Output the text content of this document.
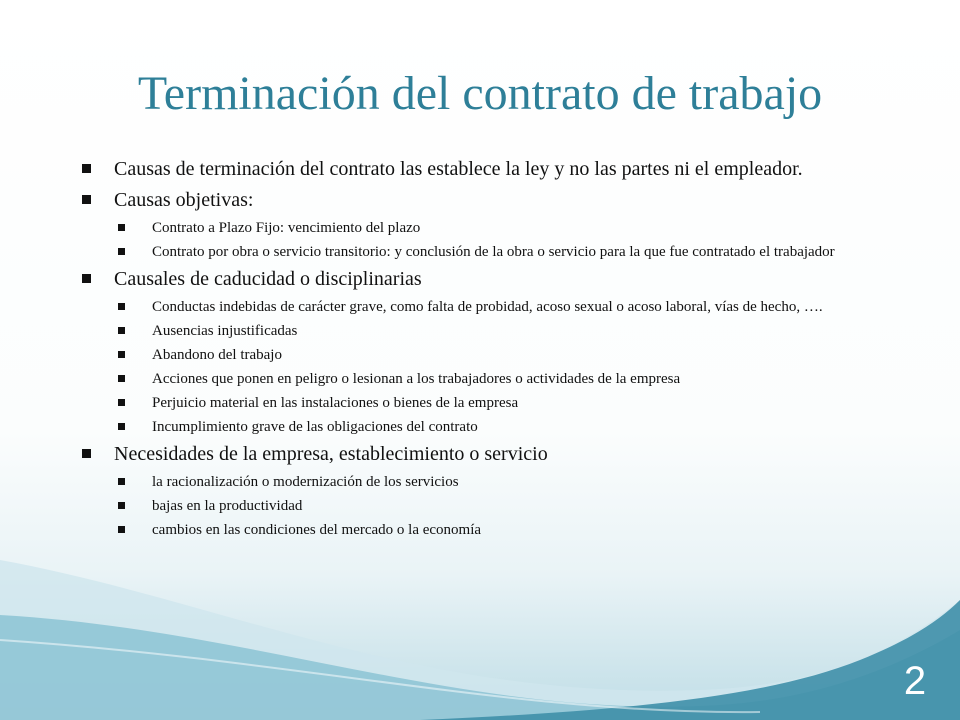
Terminación del contrato de trabajo

Causas de terminación del contrato las establece la ley y no las partes ni el empleador.

Causas objetivas:

Contrato a Plazo Fijo: vencimiento del plazo

Contrato por obra o servicio transitorio: y conclusión de la obra o servicio para la que fue contratado el trabajador

Causales de caducidad o disciplinarias

Conductas indebidas de carácter grave, como falta de probidad, acoso sexual o acoso laboral, vías de hecho, ….

Ausencias injustificadas

Abandono del trabajo

Acciones que ponen en peligro o lesionan a los trabajadores o actividades de la empresa

Perjuicio material en las instalaciones o bienes de la empresa

Incumplimiento grave de las obligaciones del contrato

Necesidades de la empresa, establecimiento o servicio

la racionalización o modernización de los servicios

bajas en la productividad

cambios en las condiciones del mercado o la economía

2
